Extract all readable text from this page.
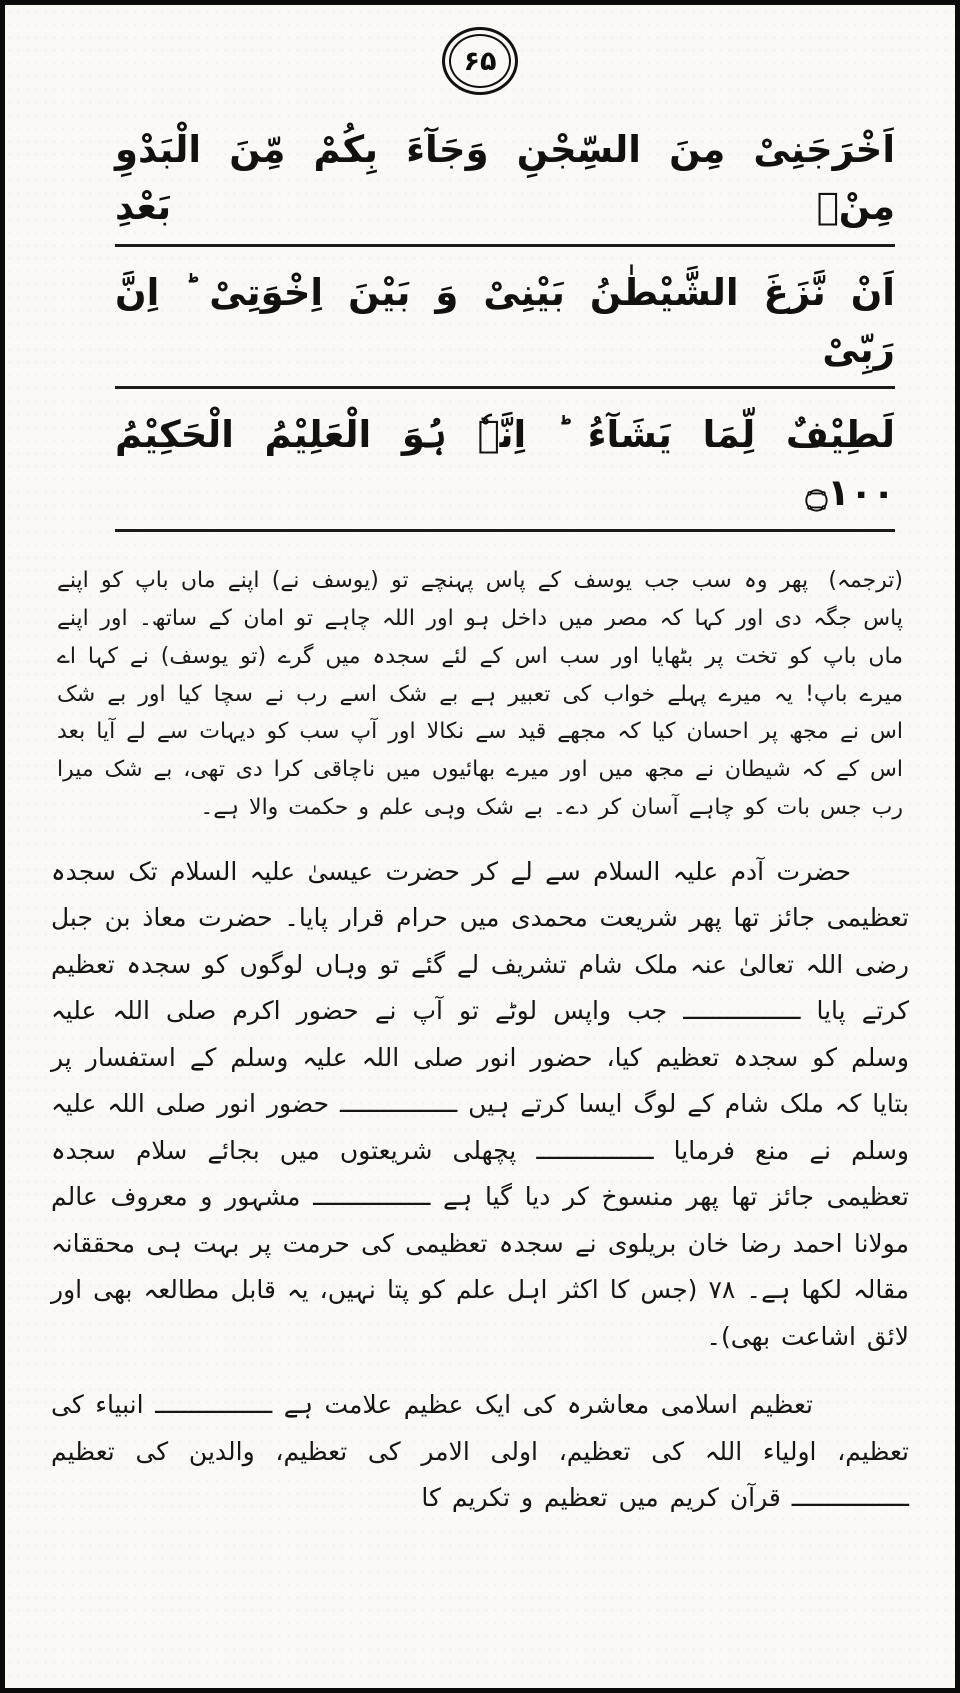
۶۵
اَخْرَجَنِیْ مِنَ السِّجْنِ وَجَآءَ بِکُمْ مِّنَ الْبَدْوِ مِنْۢ بَعْدِ
اَنْ نَّزَغَ الشَّیْطٰنُ بَیْنِیْ وَ بَیْنَ اِخْوَتِیْ ؕ اِنَّ رَبِّیْ
لَطِیْفٌ لِّمَا یَشَآءُ ؕ اِنَّہٗ ہُوَ الْعَلِیْمُ الْحَکِیْمُ ۝۱۰۰

(ترجمہ) پھر وہ سب جب یوسف کے پاس پہنچے تو (یوسف نے) اپنے ماں باپ کو اپنے پاس جگہ دی اور کہا کہ مصر میں داخل ہو اور اللہ چاہے تو امان کے ساتھ۔ اور اپنے ماں باپ کو تخت پر بٹھایا اور سب اس کے لئے سجدہ میں گرے (تو یوسف) نے کہا اے میرے باپ! یہ میرے پہلے خواب کی تعبیر ہے بے شک اسے رب نے سچا کیا اور بے شک اس نے مجھ پر احسان کیا کہ مجھے قید سے نکالا اور آپ سب کو دیہات سے لے آیا بعد اس کے کہ شیطان نے مجھ میں اور میرے بھائیوں میں ناچاقی کرا دی تھی، بے شک میرا رب جس بات کو چاہے آسان کر دے۔ بے شک وہی علم و حکمت والا ہے۔

حضرت آدم علیہ السلام سے لے کر حضرت عیسیٰ علیہ السلام تک سجدہ تعظیمی جائز تھا پھر شریعت محمدی میں حرام قرار پایا۔ حضرت معاذ بن جبل رضی اللہ تعالیٰ عنہ ملک شام تشریف لے گئے تو وہاں لوگوں کو سجدہ تعظیم کرتے پایا ــــــــــــــــ جب واپس لوٹے تو آپ نے حضور اکرم صلی اللہ علیہ وسلم کو سجدہ تعظیم کیا، حضور انور صلی اللہ علیہ وسلم کے استفسار پر بتایا کہ ملک شام کے لوگ ایسا کرتے ہیں ــــــــــــــــ حضور انور صلی اللہ علیہ وسلم نے منع فرمایا ــــــــــــــــ پچھلی شریعتوں میں بجائے سلام سجدہ تعظیمی جائز تھا پھر منسوخ کر دیا گیا ہے ــــــــــــــــ مشہور و معروف عالم مولانا احمد رضا خان بریلوی نے سجدہ تعظیمی کی حرمت پر بہت ہی محققانہ مقالہ لکھا ہے۔ ۷۸ (جس کا اکثر اہل علم کو پتا نہیں، یہ قابل مطالعہ بھی اور لائق اشاعت بھی)۔

تعظیم اسلامی معاشرہ کی ایک عظیم علامت ہے ــــــــــــــــ انبیاء کی تعظیم، اولیاء اللہ کی تعظیم، اولی الامر کی تعظیم، والدین کی تعظیم ــــــــــــــــ قرآن کریم میں تعظیم و تکریم کا
